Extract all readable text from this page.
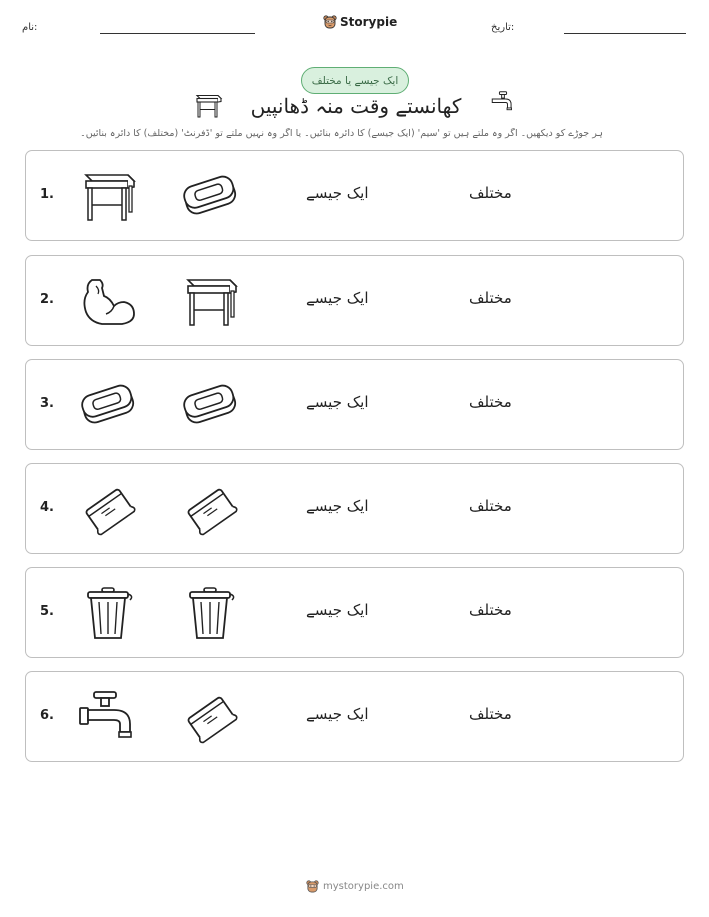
نام:	Storypie	تاریخ:
ایک جیسے یا مختلف
کھانستے وقت منہ ڈھانپیں
ہر جوڑے کو دیکھیں۔ اگر وہ ملتے ہیں تو 'سیم' (ایک جیسے) کا دائرہ بنائیں۔ یا اگر وہ نہیں ملتے تو 'ڈفرنٹ' (مختلف) کا دائرہ بنائیں۔
1.	ایک جیسے	مختلف
2.	ایک جیسے	مختلف
3.	ایک جیسے	مختلف
4.	ایک جیسے	مختلف
5.	ایک جیسے	مختلف
6.	ایک جیسے	مختلف
mystorypie.com
